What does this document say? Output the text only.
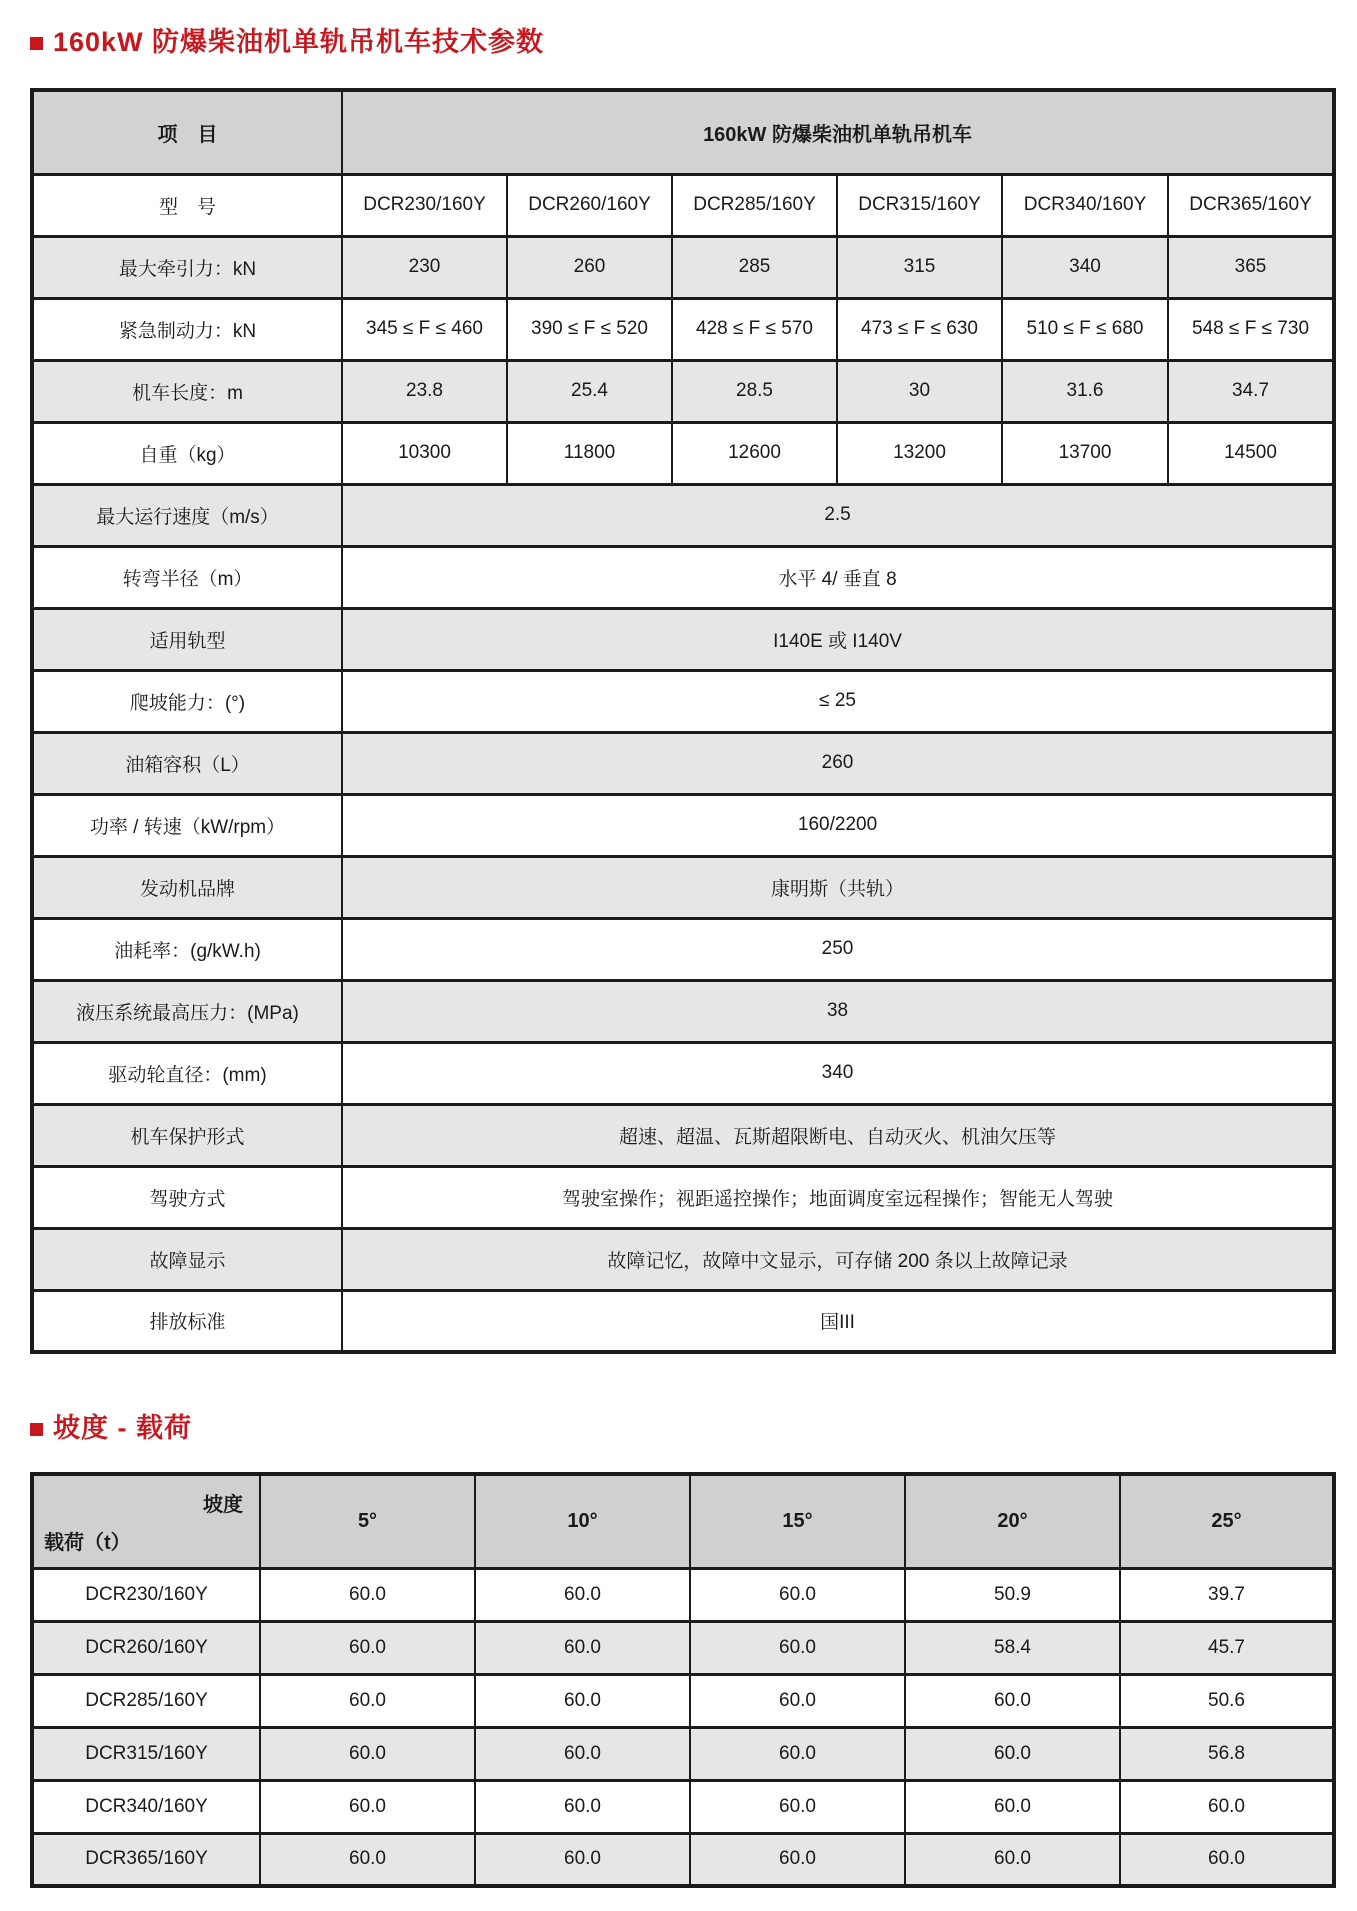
160kW 防爆柴油机单轨吊机车技术参数
项　目	160kW 防爆柴油机单轨吊机车					
型　号	DCR230/160Y	DCR260/160Y	DCR285/160Y	DCR315/160Y	DCR340/160Y	DCR365/160Y
最大牵引力：kN	230	260	285	315	340	365
紧急制动力：kN	345 ≤ F ≤ 460	390 ≤ F ≤ 520	428 ≤ F ≤ 570	473 ≤ F ≤ 630	510 ≤ F ≤ 680	548 ≤ F ≤ 730
机车长度：m	23.8	25.4	28.5	30	31.6	34.7
自重（kg）	10300	11800	12600	13200	13700	14500
最大运行速度（m/s）	2.5					
转弯半径（m）	水平 4/ 垂直 8					
适用轨型	I140E 或 I140V					
爬坡能力：(°)	≤ 25					
油箱容积（L）	260					
功率 / 转速（kW/rpm）	160/2200					
发动机品牌	康明斯（共轨）					
油耗率：(g/kW.h)	250					
液压系统最高压力：(MPa)	38					
驱动轮直径：(mm)	340					
机车保护形式	超速、超温、瓦斯超限断电、自动灭火、机油欠压等					
驾驶方式	驾驶室操作；视距遥控操作；地面调度室远程操作；智能无人驾驶					
故障显示	故障记忆，故障中文显示，可存储 200 条以上故障记录					
排放标准	国III					
坡度 - 载荷
坡度
载荷（t）	5°	10°	15°	20°	25°
DCR230/160Y	60.0	60.0	60.0	50.9	39.7
DCR260/160Y	60.0	60.0	60.0	58.4	45.7
DCR285/160Y	60.0	60.0	60.0	60.0	50.6
DCR315/160Y	60.0	60.0	60.0	60.0	56.8
DCR340/160Y	60.0	60.0	60.0	60.0	60.0
DCR365/160Y	60.0	60.0	60.0	60.0	60.0
